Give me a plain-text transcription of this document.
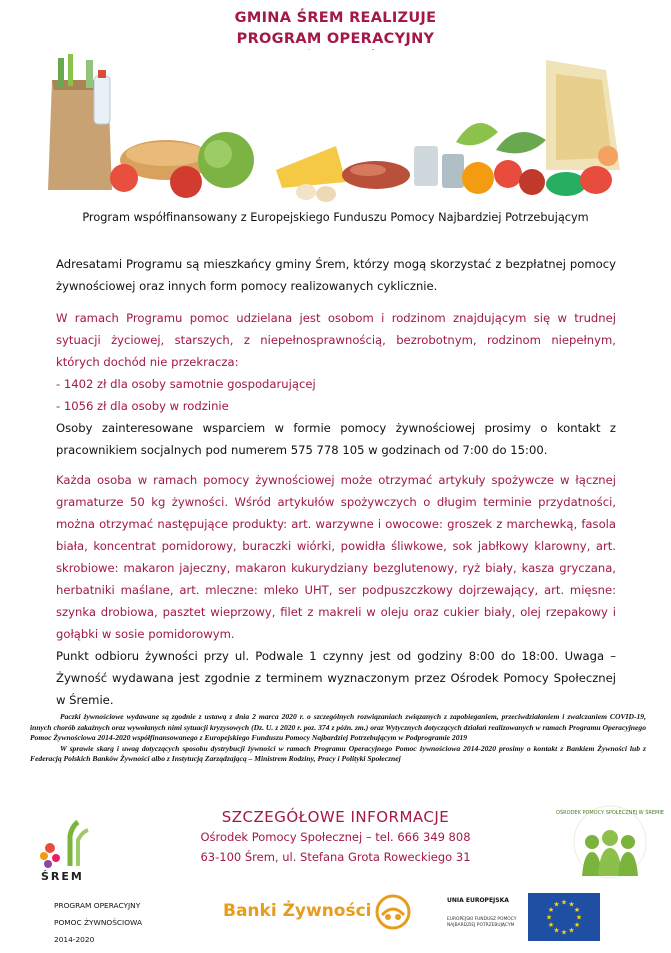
GMINA ŚREM REALIZUJE
PROGRAM OPERACYJNY
Program współfinansowany z Europejskiego Funduszu Pomocy Najbardziej Potrzebującym

Adresatami Programu są mieszkańcy gminy Śrem, którzy mogą skorzystać z bezpłatnej pomocy żywnościowej oraz innych form pomocy realizowanych cyklicznie.

W ramach Programu pomoc udzielana jest osobom i rodzinom znajdującym się w trudnej sytuacji życiowej, starszych, z niepełnosprawnością, bezrobotnym, rodzinom niepełnym, których dochód nie przekracza:

- 1402 zł dla osoby samotnie gospodarującej

- 1056 zł dla osoby w rodzinie

Osoby zainteresowane wsparciem w formie pomocy żywnościowej prosimy o kontakt z pracownikiem socjalnych pod numerem 575 778 105 w godzinach od 7:00 do 15:00.

Każda osoba w ramach pomocy żywnościowej może otrzymać artykuły spożywcze w łącznej gramaturze 50 kg żywności. Wśród artykułów spożywczych o długim terminie przydatności, można otrzymać następujące produkty: art. warzywne i owocowe: groszek z marchewką, fasola biała, koncentrat pomidorowy, buraczki wiórki, powidła śliwkowe, sok jabłkowy klarowny, art. skrobiowe: makaron jajeczny, makaron kukurydziany bezglutenowy, ryż biały, kasza gryczana, herbatniki maślane, art. mleczne: mleko UHT, ser podpuszczkowy dojrzewający, art. mięsne: szynka drobiowa, pasztet wieprzowy, filet z makreli w oleju oraz cukier biały, olej rzepakowy i gołąbki w sosie pomidorowym.

Punkt odbioru żywności przy ul. Podwale 1 czynny jest od godziny 8:00 do 18:00. Uwaga – Żywność wydawana jest zgodnie z terminem wyznaczonym przez Ośrodek Pomocy Społecznej w Śremie.

Paczki żywnościowe wydawane są zgodnie z ustawą z dnia 2 marca 2020 r. o szczególnych rozwiązaniach związanych z zapobieganiem, przeciwdziałaniem i zwalczaniem COVID-19, innych chorób zakaźnych oraz wywołanych nimi sytuacji kryzysowych (Dz. U. z 2020 r. poz. 374 z późn. zm.) oraz Wytycznych dotyczących działań realizowanych w ramach Programu Operacyjnego Pomoc Żywnościowa 2014-2020 współfinansowanego z Europejskiego Funduszu Pomocy Najbardziej Potrzebującym w Podprogramie 2019

W sprawie skarg i uwag dotyczących sposobu dystrybucji żywności w ramach Programu Operacyjnego Pomoc żywnościowa 2014-2020 prosimy o kontakt z Bankiem Żywności lub z Federacją Polskich Banków Żywności albo z Instytucją Zarządzającą – Ministrem Rodziny, Pracy i Polityki Społecznej

SZCZEGÓŁOWE INFORMACJE
Ośrodek Pomocy Społecznej – tel. 666 349 808
63-100 Śrem, ul. Stefana Grota Roweckiego 31
ŚREM
PROGRAM OPERACYJNY
POMOC ŻYWNOŚCIOWA
2014-2020
Banki Żywności
UNIA EUROPEJSKA
EUROPEJSKI FUNDUSZ POMOCY
NAJBARDZIEJ POTRZEBUJĄCYM
★
★
★
★
★
★
★
★
★ ★ ★
★
OŚRODEK POMOCY SPOŁECZNEJ W ŚREMIE
